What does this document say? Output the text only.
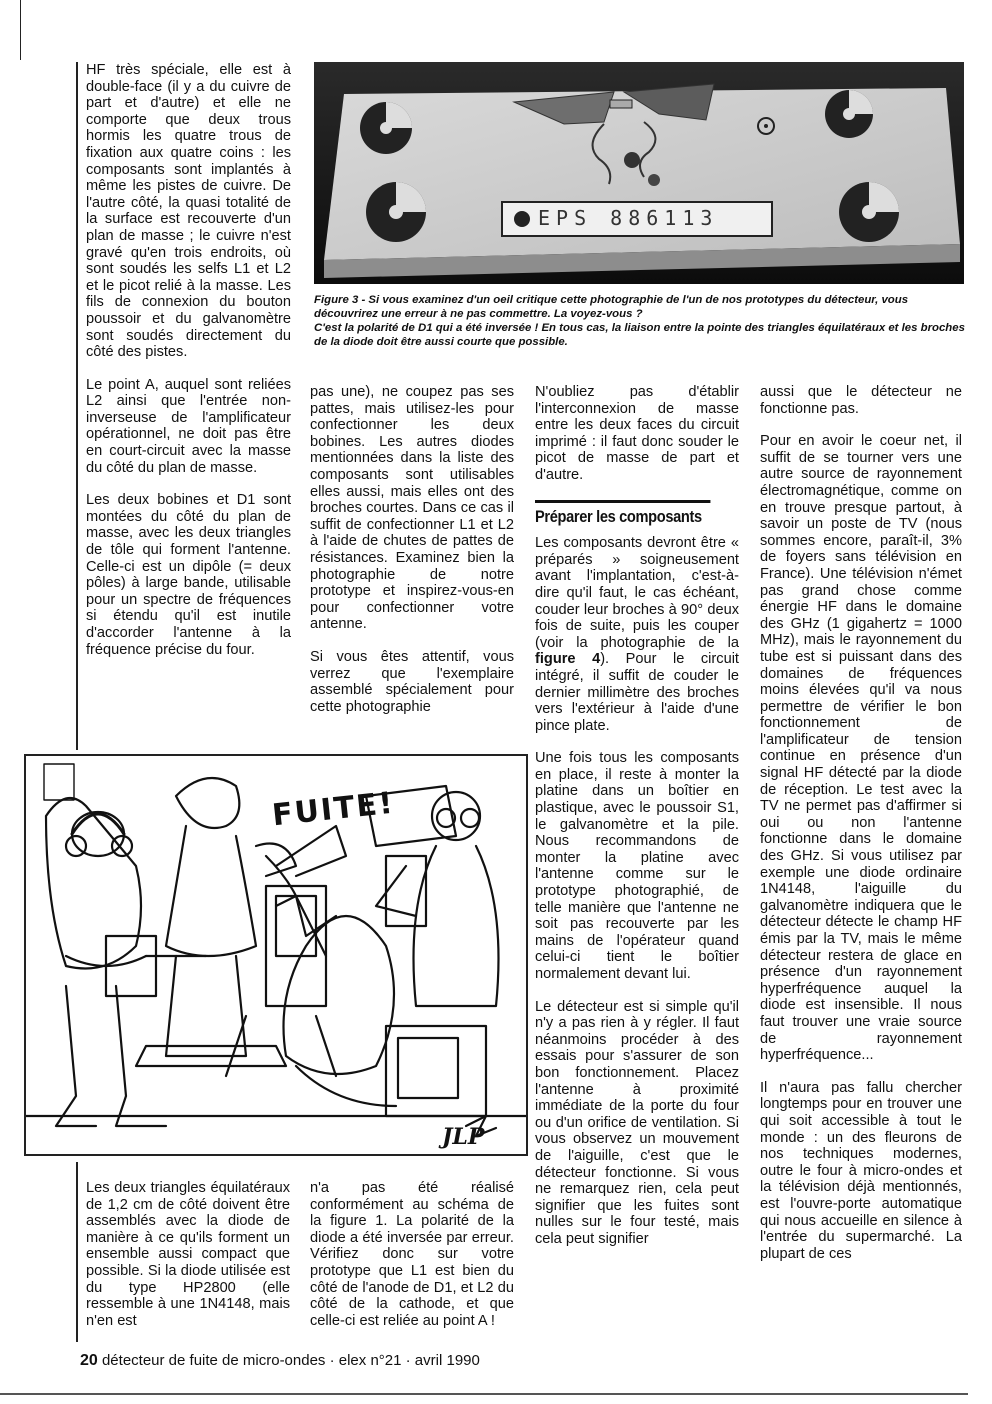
HF très spéciale, elle est à double-face (il y a du cuivre de part et d'autre) et elle ne comporte que deux trous hormis les quatre trous de fixation aux quatre coins : les composants sont implantés à même les pistes de cuivre. De l'autre côté, la quasi totalité de la surface est recouverte d'un plan de masse ; le cuivre n'est gravé qu'en trois endroits, où sont soudés les selfs L1 et L2 et le picot relié à la masse. Les fils de connexion du bouton poussoir et du galvanomètre sont soudés directement du côté des pistes.

Le point A, auquel sont reliées L2 ainsi que l'entrée non-inverseuse de l'amplificateur opérationnel, ne doit pas être en court-circuit avec la masse du côté du plan de masse.

Les deux bobines et D1 sont montées du côté du plan de masse, avec les deux triangles de tôle qui forment l'antenne. Celle-ci est un dipôle (= deux pôles) à large bande, utilisable pour un spectre de fréquences si étendu qu'il est inutile d'accorder l'antenne à la fréquence précise du four.

EPS 886113
Figure 3 - Si vous examinez d'un oeil critique cette photographie de l'un de nos prototypes du détecteur, vous découvrirez une erreur à ne pas commettre. La voyez-vous ?
C'est la polarité de D1 qui a été inversée ! En tous cas, la liaison entre la pointe des triangles équilatéraux et les broches de la diode doit être aussi courte que possible.

pas une), ne coupez pas ses pattes, mais utilisez-les pour confectionner les deux bobines. Les autres diodes mentionnées dans la liste des composants sont utilisables elles aussi, mais elles ont des broches courtes. Dans ce cas il suffit de confectionner L1 et L2 à l'aide de chutes de pattes de résistances. Examinez bien la photographie de notre prototype et inspirez-vous-en pour confectionner votre antenne.

Si vous êtes attentif, vous verrez que l'exemplaire assemblé spécialement pour cette photographie

FUITE!
JLP

Les deux triangles équilatéraux de 1,2 cm de côté doivent être assemblés avec la diode de manière à ce qu'ils forment un ensemble aussi compact que possible. Si la diode utilisée est du type HP2800 (elle ressemble à une 1N4148, mais n'en est

n'a pas été réalisé conformément au schéma de la figure 1. La polarité de la diode a été inversée par erreur. Vérifiez donc sur votre prototype que L1 est bien du côté de l'anode de D1, et L2 du côté de la cathode, et que celle-ci est reliée au point A !

N'oubliez pas d'établir l'interconnexion de masse entre les deux faces du circuit imprimé : il faut donc souder le picot de masse de part et d'autre.

Préparer les composants

Les composants devront être « préparés » soigneusement avant l'implantation, c'est-à-dire qu'il faut, le cas échéant, couder leur broches à 90° deux fois de suite, puis les couper (voir la photographie de la figure 4). Pour le circuit intégré, il suffit de couder le dernier millimètre des broches vers l'extérieur à l'aide d'une pince plate.

Une fois tous les composants en place, il reste à monter la platine dans un boîtier en plastique, avec le poussoir S1, le galvanomètre et la pile. Nous recommandons de monter la platine avec l'antenne comme sur le prototype photographié, de telle manière que l'antenne ne soit pas recouverte par les mains de l'opérateur quand celui-ci tient le boîtier normalement devant lui.

Le détecteur est si simple qu'il n'y a pas rien à y régler. Il faut néanmoins procéder à des essais pour s'assurer de son bon fonctionnement. Placez l'antenne à proximité immédiate de la porte du four ou d'un orifice de ventilation. Si vous observez un mouvement de l'aiguille, c'est que le détecteur fonctionne. Si vous ne remarquez rien, cela peut signifier que les fuites sont nulles sur le four testé, mais cela peut signifier

aussi que le détecteur ne fonctionne pas.

Pour en avoir le coeur net, il suffit de se tourner vers une autre source de rayonnement électromagnétique, comme on en trouve presque partout, à savoir un poste de TV (nous sommes encore, paraît-il, 3% de foyers sans télévision en France). Une télévision n'émet pas grand chose comme énergie HF dans le domaine des GHz (1 gigahertz = 1000 MHz), mais le rayonnement du tube est si puissant dans des domaines de fréquences moins élevées qu'il va nous permettre de vérifier le bon fonctionnement de l'amplificateur de tension continue en présence d'un signal HF détecté par la diode de réception. Le test avec la TV ne permet pas d'affirmer si oui ou non l'antenne fonctionne dans le domaine des GHz. Si vous utilisez par exemple une diode ordinaire 1N4148, l'aiguille du galvanomètre indiquera que le détecteur détecte le champ HF émis par la TV, mais le même détecteur restera de glace en présence d'un rayonnement hyperfréquence auquel la diode est insensible. Il nous faut trouver une vraie source de rayonnement hyperfréquence...

Il n'aura pas fallu chercher longtemps pour en trouver une qui soit accessible à tout le monde : un des fleurons de nos techniques modernes, outre le four à micro-ondes et la télévision déjà mentionnés, est l'ouvre-porte automatique qui nous accueille en silence à l'entrée du supermarché. La plupart de ces

20 détecteur de fuite de micro-ondes · elex n°21 · avril 1990
